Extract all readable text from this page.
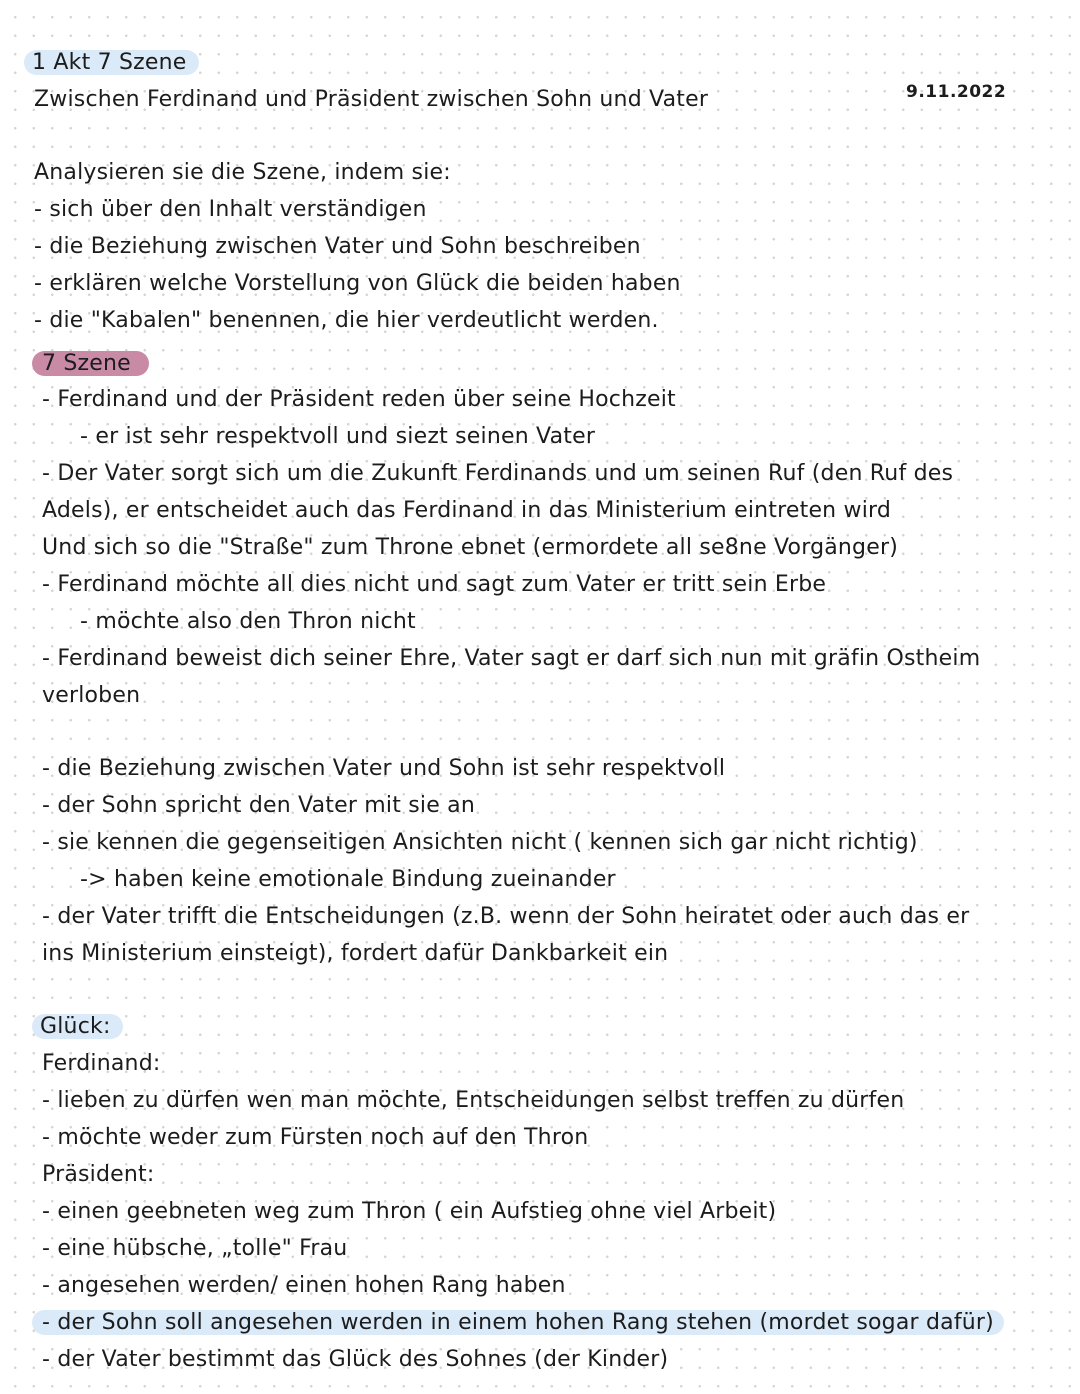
1 Akt 7 Szene
Zwischen Ferdinand und Präsident zwischen Sohn und Vater	9.11.2022
Analysieren sie die Szene, indem sie:
- sich über den Inhalt verständigen
- die Beziehung zwischen Vater und Sohn beschreiben
- erklären welche Vorstellung von Glück die beiden haben
- die "Kabalen" benennen, die hier verdeutlicht werden.
7 Szene
- Ferdinand und der Präsident reden über seine Hochzeit
- er ist sehr respektvoll und siezt seinen Vater
- Der Vater sorgt sich um die Zukunft Ferdinands und um seinen Ruf (den Ruf des
Adels), er entscheidet auch das Ferdinand in das Ministerium eintreten wird
Und sich so die "Straße" zum Throne ebnet (ermordete all se8ne Vorgänger)
- Ferdinand möchte all dies nicht und sagt zum Vater er tritt sein Erbe
- möchte also den Thron nicht
- Ferdinand beweist dich seiner Ehre, Vater sagt er darf sich nun mit gräfin Ostheim
verloben
- die Beziehung zwischen Vater und Sohn ist sehr respektvoll
- der Sohn spricht den Vater mit sie an
- sie kennen die gegenseitigen Ansichten nicht ( kennen sich gar nicht richtig)
-> haben keine emotionale Bindung zueinander
- der Vater trifft die Entscheidungen (z.B. wenn der Sohn heiratet oder auch das er
ins Ministerium einsteigt), fordert dafür Dankbarkeit ein
Glück:
Ferdinand:
- lieben zu dürfen wen man möchte, Entscheidungen selbst treffen zu dürfen
- möchte weder zum Fürsten noch auf den Thron
Präsident:
- einen geebneten weg zum Thron ( ein Aufstieg ohne viel Arbeit)
- eine hübsche, „tolle" Frau
- angesehen werden/ einen hohen Rang haben
- der Sohn soll angesehen werden in einem hohen Rang stehen (mordet sogar dafür)
- der Vater bestimmt das Glück des Sohnes (der Kinder)
